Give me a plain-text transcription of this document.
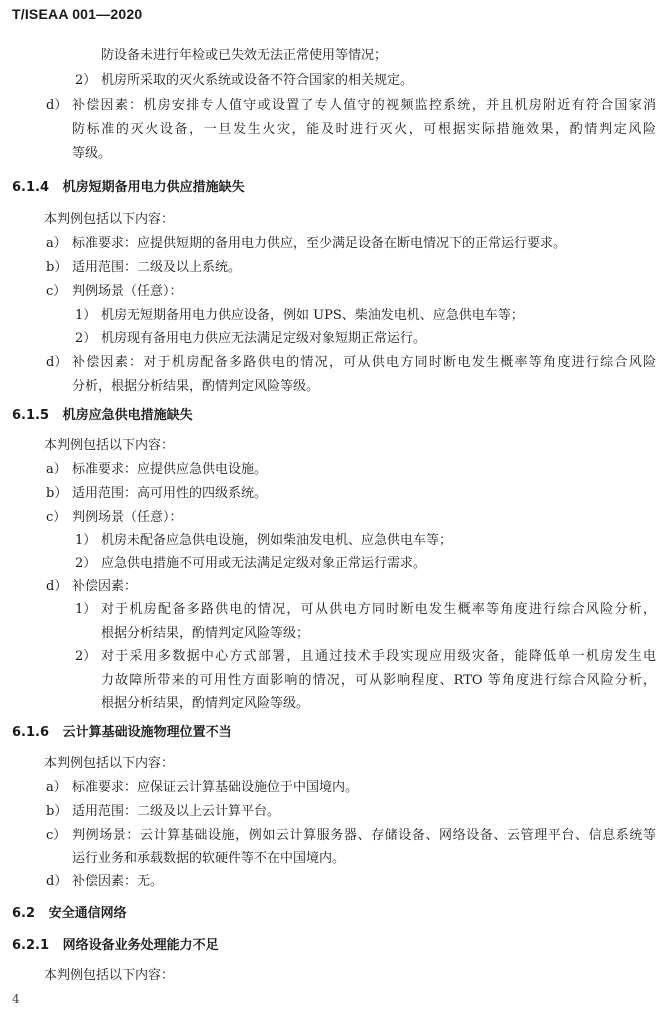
T/ISEAA 001—2020
防设备未进行年检或已失效无法正常使用等情况；
2） 机房所采取的灭火系统或设备不符合国家的相关规定。
d） 补偿因素：机房安排专人值守或设置了专人值守的视频监控系统，并且机房附近有符合国家消
防标准的灭火设备，一旦发生火灾，能及时进行灭火，可根据实际措施效果，酌情判定风险
等级。
6.1.4 机房短期备用电力供应措施缺失
本判例包括以下内容：
a） 标准要求：应提供短期的备用电力供应，至少满足设备在断电情况下的正常运行要求。
b） 适用范围：二级及以上系统。
c） 判例场景（任意）：
1） 机房无短期备用电力供应设备，例如 UPS、柴油发电机、应急供电车等；
2） 机房现有备用电力供应无法满足定级对象短期正常运行。
d） 补偿因素：对于机房配备多路供电的情况，可从供电方同时断电发生概率等角度进行综合风险
分析，根据分析结果，酌情判定风险等级。
6.1.5 机房应急供电措施缺失
本判例包括以下内容：
a） 标准要求：应提供应急供电设施。
b） 适用范围：高可用性的四级系统。
c） 判例场景（任意）：
1） 机房未配备应急供电设施，例如柴油发电机、应急供电车等；
2） 应急供电措施不可用或无法满足定级对象正常运行需求。
d） 补偿因素：
1） 对于机房配备多路供电的情况，可从供电方同时断电发生概率等角度进行综合风险分析，
根据分析结果，酌情判定风险等级；
2） 对于采用多数据中心方式部署，且通过技术手段实现应用级灾备，能降低单一机房发生电
力故障所带来的可用性方面影响的情况，可从影响程度、RTO 等角度进行综合风险分析，
根据分析结果，酌情判定风险等级。
6.1.6 云计算基础设施物理位置不当
本判例包括以下内容：
a） 标准要求：应保证云计算基础设施位于中国境内。
b） 适用范围：二级及以上云计算平台。
c） 判例场景：云计算基础设施，例如云计算服务器、存储设备、网络设备、云管理平台、信息系统等
运行业务和承载数据的软硬件等不在中国境内。
d） 补偿因素：无。
6.2 安全通信网络
6.2.1 网络设备业务处理能力不足
本判例包括以下内容：
4
